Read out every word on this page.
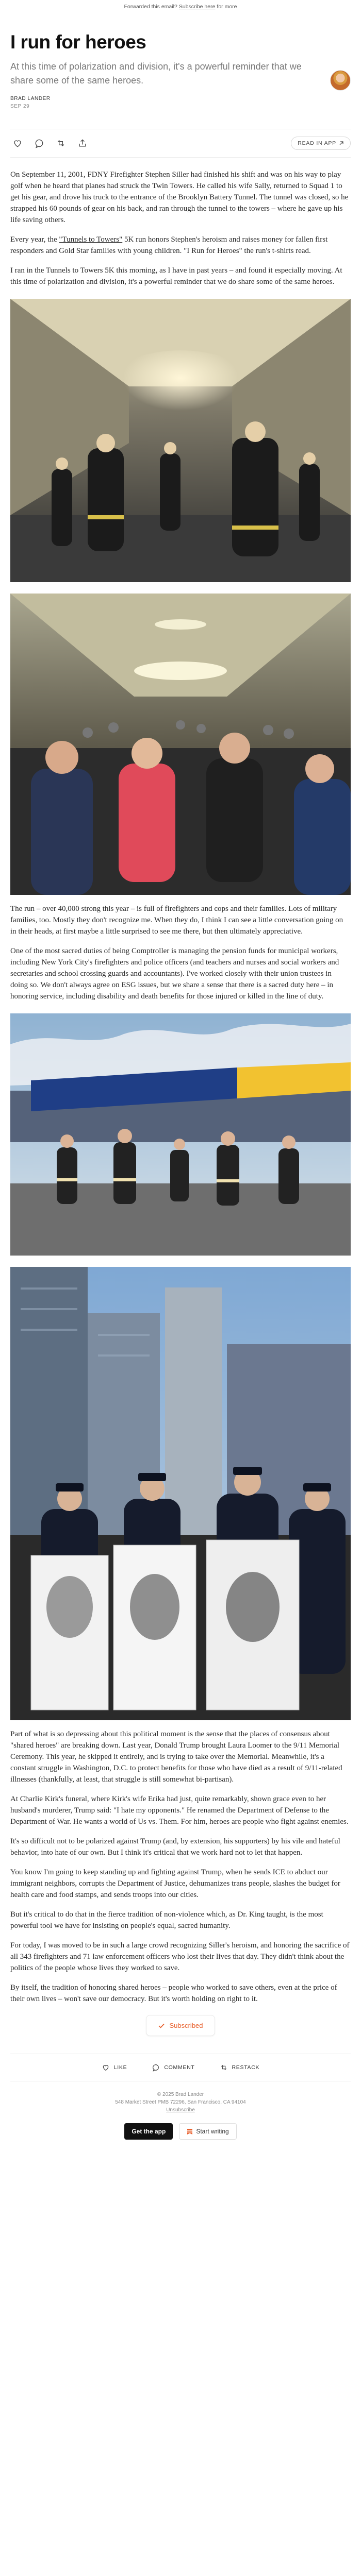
Forwarded this email? Subscribe here for more
I run for heroes
At this time of polarization and division, it's a powerful reminder that we share some of the same heroes.
BRAD LANDER
SEP 29
READ IN APP

On September 11, 2001, FDNY Firefighter Stephen Siller had finished his shift and was on his way to play golf when he heard that planes had struck the Twin Towers. He called his wife Sally, returned to Squad 1 to get his gear, and drove his truck to the entrance of the Brooklyn Battery Tunnel. The tunnel was closed, so he strapped his 60 pounds of gear on his back, and ran through the tunnel to the towers – where he gave up his life saving others.

Every year, the "Tunnels to Towers" 5K run honors Stephen's heroism and raises money for fallen first responders and Gold Star families with young children. "I Run for Heroes" the run's t-shirts read.

I ran in the Tunnels to Towers 5K this morning, as I have in past years – and found it especially moving. At this time of polarization and division, it's a powerful reminder that we do share some of the same heroes.

The run – over 40,000 strong this year – is full of firefighters and cops and their families. Lots of military families, too. Mostly they don't recognize me. When they do, I think I can see a little conversation going on in their heads, at first maybe a little surprised to see me there, but then ultimately appreciative.

One of the most sacred duties of being Comptroller is managing the pension funds for municipal workers, including New York City's firefighters and police officers (and teachers and nurses and social workers and secretaries and school crossing guards and accountants). I've worked closely with their union trustees in doing so. We don't always agree on ESG issues, but we share a sense that there is a sacred duty here – in honoring service, including disability and death benefits for those injured or killed in the line of duty.

Part of what is so depressing about this political moment is the sense that the places of consensus about "shared heroes" are breaking down. Last year, Donald Trump brought Laura Loomer to the 9/11 Memorial Ceremony. This year, he skipped it entirely, and is trying to take over the Memorial. Meanwhile, it's a constant struggle in Washington, D.C. to protect benefits for those who have died as a result of 9/11-related illnesses (thankfully, at least, that struggle is still somewhat bi-partisan).

At Charlie Kirk's funeral, where Kirk's wife Erika had just, quite remarkably, shown grace even to her husband's murderer, Trump said: "I hate my opponents." He renamed the Department of Defense to the Department of War. He wants a world of Us vs. Them. For him, heroes are people who fight against enemies.

It's so difficult not to be polarized against Trump (and, by extension, his supporters) by his vile and hateful behavior, into hate of our own. But I think it's critical that we work hard not to let that happen.

You know I'm going to keep standing up and fighting against Trump, when he sends ICE to abduct our immigrant neighbors, corrupts the Department of Justice, dehumanizes trans people, slashes the budget for health care and food stamps, and sends troops into our cities.

But it's critical to do that in the fierce tradition of non-violence which, as Dr. King taught, is the most powerful tool we have for insisting on people's equal, sacred humanity.

For today, I was moved to be in such a large crowd recognizing Siller's heroism, and honoring the sacrifice of all 343 firefighters and 71 law enforcement officers who lost their lives that day. They didn't think about the politics of the people whose lives they worked to save.

By itself, the tradition of honoring shared heroes – people who worked to save others, even at the price of their own lives – won't save our democracy. But it's worth holding on right to it.

Subscribed
LIKE	COMMENT	RESTACK
© 2025 Brad Lander
548 Market Street PMB 72296, San Francisco, CA 94104
Unsubscribe
Get the app	Start writing
